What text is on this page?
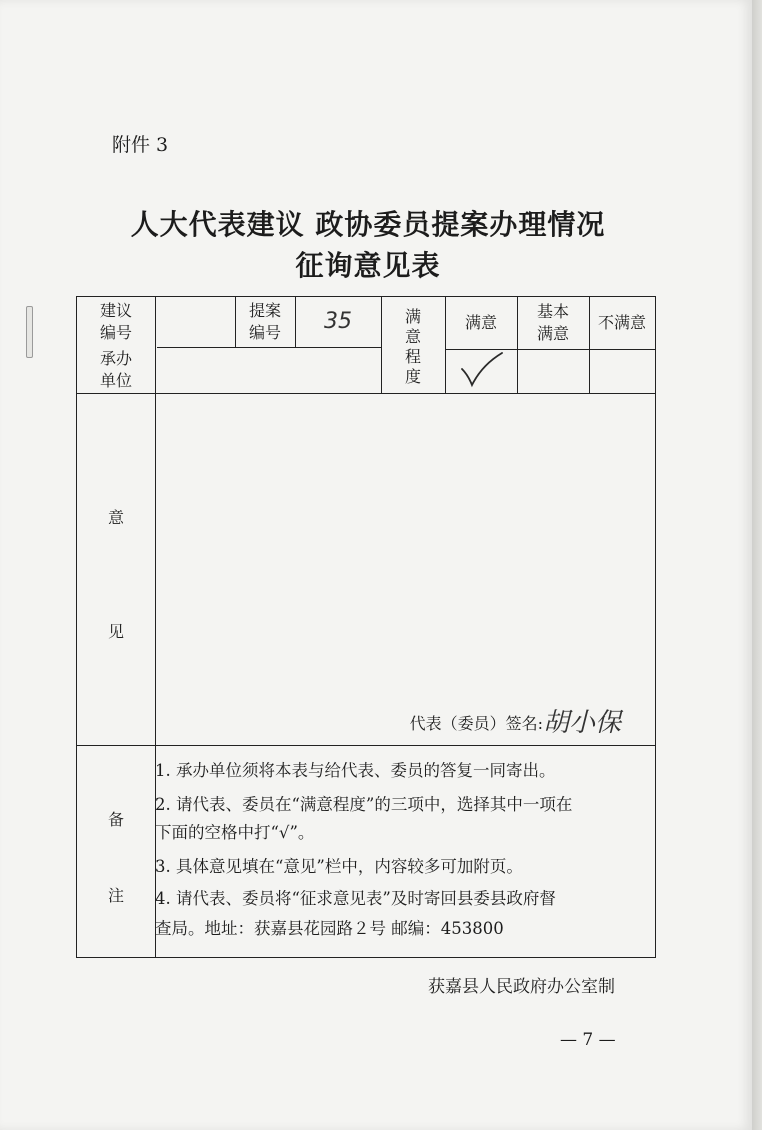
附件 3
人大代表建议 政协委员提案办理情况
征询意见表
建议
编号
提案
编号	35	满
意
程
度
满意
基本
满意
不满意
承办
单位
意
见
代表（委员）签名: 胡小保
备
注
1. 承办单位须将本表与给代表、委员的答复一同寄出。
2. 请代表、委员在“满意程度”的三项中，选择其中一项在
下面的空格中打“√”。
3. 具体意见填在“意见”栏中，内容较多可加附页。
4. 请代表、委员将“征求意见表”及时寄回县委县政府督
查局。地址：获嘉县花园路２号 邮编：453800
获嘉县人民政府办公室制
— 7 —
